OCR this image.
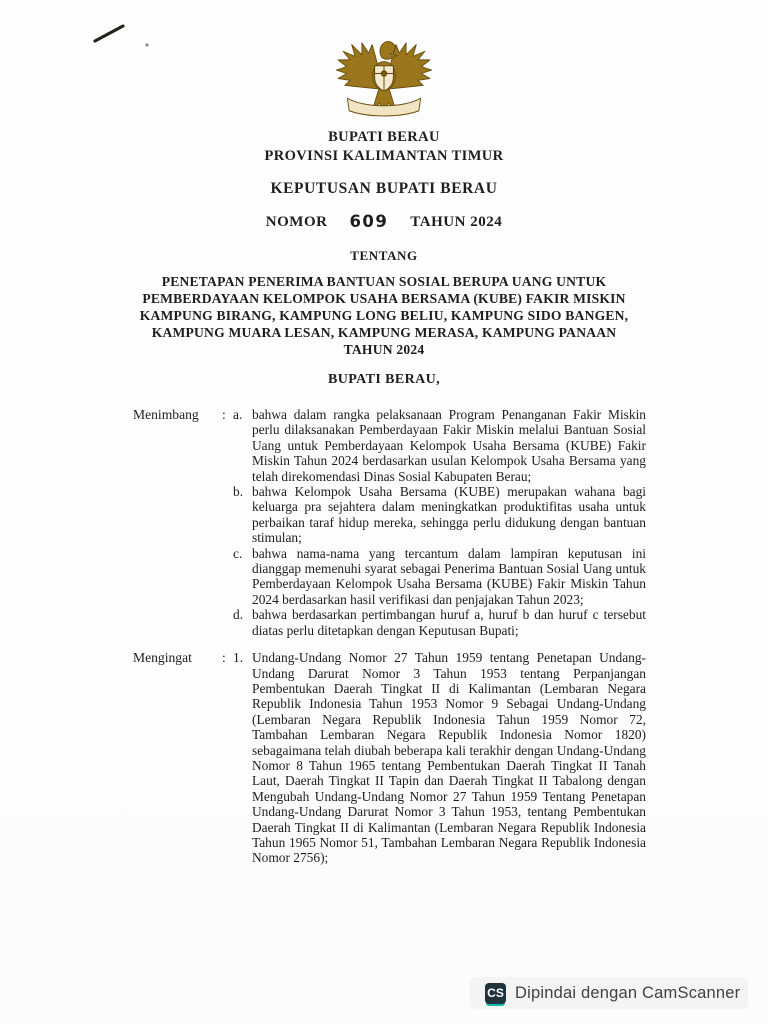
BUPATI BERAU
PROVINSI KALIMANTAN TIMUR
KEPUTUSAN BUPATI BERAU
NOMOR 609 TAHUN 2024
TENTANG
PENETAPAN PENERIMA BANTUAN SOSIAL BERUPA UANG UNTUK
PEMBERDAYAAN KELOMPOK USAHA BERSAMA (KUBE) FAKIR MISKIN
KAMPUNG BIRANG, KAMPUNG LONG BELIU, KAMPUNG SIDO BANGEN,
KAMPUNG MUARA LESAN, KAMPUNG MERASA, KAMPUNG PANAAN
TAHUN 2024
BUPATI BERAU,
Menimbang	: a. bahwa dalam rangka pelaksanaan Program Penanganan Fakir Miskin perlu dilaksanakan Pemberdayaan Fakir Miskin melalui Bantuan Sosial Uang untuk Pemberdayaan Kelompok Usaha Bersama (KUBE) Fakir Miskin Tahun 2024 berdasarkan usulan Kelompok Usaha Bersama yang telah direkomendasi Dinas Sosial Kabupaten Berau;
b. bahwa Kelompok Usaha Bersama (KUBE) merupakan wahana bagi keluarga pra sejahtera dalam meningkatkan produktifitas usaha untuk perbaikan taraf hidup mereka, sehingga perlu didukung dengan bantuan stimulan;
c. bahwa nama-nama yang tercantum dalam lampiran keputusan ini dianggap memenuhi syarat sebagai Penerima Bantuan Sosial Uang untuk Pemberdayaan Kelompok Usaha Bersama (KUBE) Fakir Miskin Tahun 2024 berdasarkan hasil verifikasi dan penjajakan Tahun 2023;
d. bahwa berdasarkan pertimbangan huruf a, huruf b dan huruf c tersebut diatas perlu ditetapkan dengan Keputusan Bupati;
Mengingat	: 1. Undang-Undang Nomor 27 Tahun 1959 tentang Penetapan Undang-Undang Darurat Nomor 3 Tahun 1953 tentang Perpanjangan Pembentukan Daerah Tingkat II di Kalimantan (Lembaran Negara Republik Indonesia Tahun 1953 Nomor 9 Sebagai Undang-Undang (Lembaran Negara Republik Indonesia Tahun 1959 Nomor 72, Tambahan Lembaran Negara Republik Indonesia Nomor 1820) sebagaimana telah diubah beberapa kali terakhir dengan Undang-Undang Nomor 8 Tahun 1965 tentang Pembentukan Daerah Tingkat II Tanah Laut, Daerah Tingkat II Tapin dan Daerah Tingkat II Tabalong dengan Mengubah Undang-Undang Nomor 27 Tahun 1959 Tentang Penetapan Undang-Undang Darurat Nomor 3 Tahun 1953, tentang Pembentukan Daerah Tingkat II di Kalimantan (Lembaran Negara Republik Indonesia Tahun 1965 Nomor 51, Tambahan Lembaran Negara Republik Indonesia Nomor 2756);
CS Dipindai dengan CamScanner
